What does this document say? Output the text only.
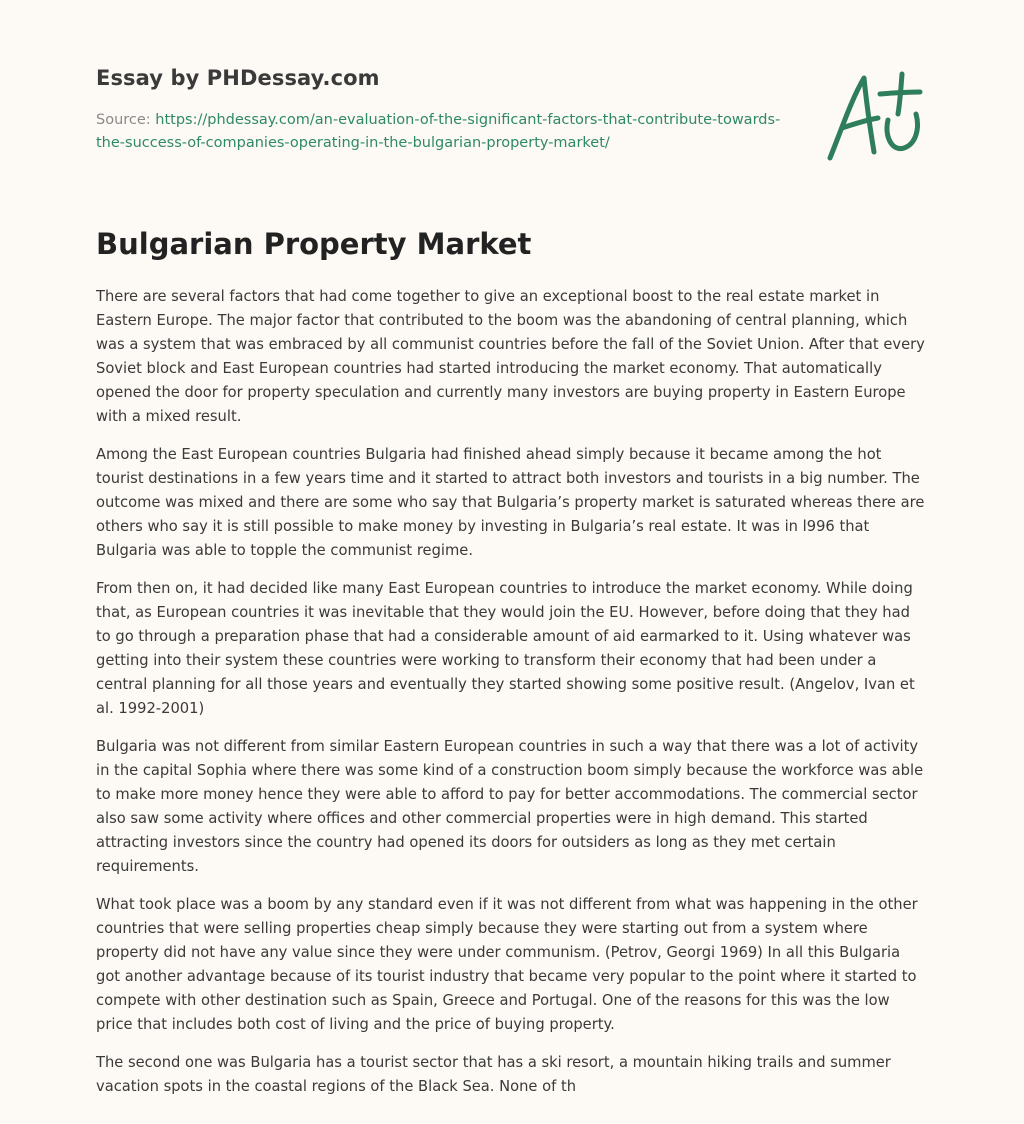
Essay by PHDessay.com
Source: https://phdessay.com/an-evaluation-of-the-significant-factors-that-contribute-towards-the-success-of-companies-operating-in-the-bulgarian-property-market/
Bulgarian Property Market

There are several factors that had come together to give an exceptional boost to the real estate market in Eastern Europe. The major factor that contributed to the boom was the abandoning of central planning, which was a system that was embraced by all communist countries before the fall of the Soviet Union. After that every Soviet block and East European countries had started introducing the market economy. That automatically opened the door for property speculation and currently many investors are buying property in Eastern Europe with a mixed result.

Among the East European countries Bulgaria had finished ahead simply because it became among the hot tourist destinations in a few years time and it started to attract both investors and tourists in a big number. The outcome was mixed and there are some who say that Bulgaria’s property market is saturated whereas there are others who say it is still possible to make money by investing in Bulgaria’s real estate. It was in l996 that Bulgaria was able to topple the communist regime.

From then on, it had decided like many East European countries to introduce the market economy. While doing that, as European countries it was inevitable that they would join the EU. However, before doing that they had to go through a preparation phase that had a considerable amount of aid earmarked to it. Using whatever was getting into their system these countries were working to transform their economy that had been under a central planning for all those years and eventually they started showing some positive result. (Angelov, Ivan et al. 1992-2001)

Bulgaria was not different from similar Eastern European countries in such a way that there was a lot of activity in the capital Sophia where there was some kind of a construction boom simply because the workforce was able to make more money hence they were able to afford to pay for better accommodations. The commercial sector also saw some activity where offices and other commercial properties were in high demand. This started attracting investors since the country had opened its doors for outsiders as long as they met certain requirements.

What took place was a boom by any standard even if it was not different from what was happening in the other countries that were selling properties cheap simply because they were starting out from a system where property did not have any value since they were under communism. (Petrov, Georgi 1969) In all this Bulgaria got another advantage because of its tourist industry that became very popular to the point where it started to compete with other destination such as Spain, Greece and Portugal. One of the reasons for this was the low price that includes both cost of living and the price of buying property.

The second one was Bulgaria has a tourist sector that has a ski resort, a mountain hiking trails and summer vacation spots in the coastal regions of the Black Sea. None of th
